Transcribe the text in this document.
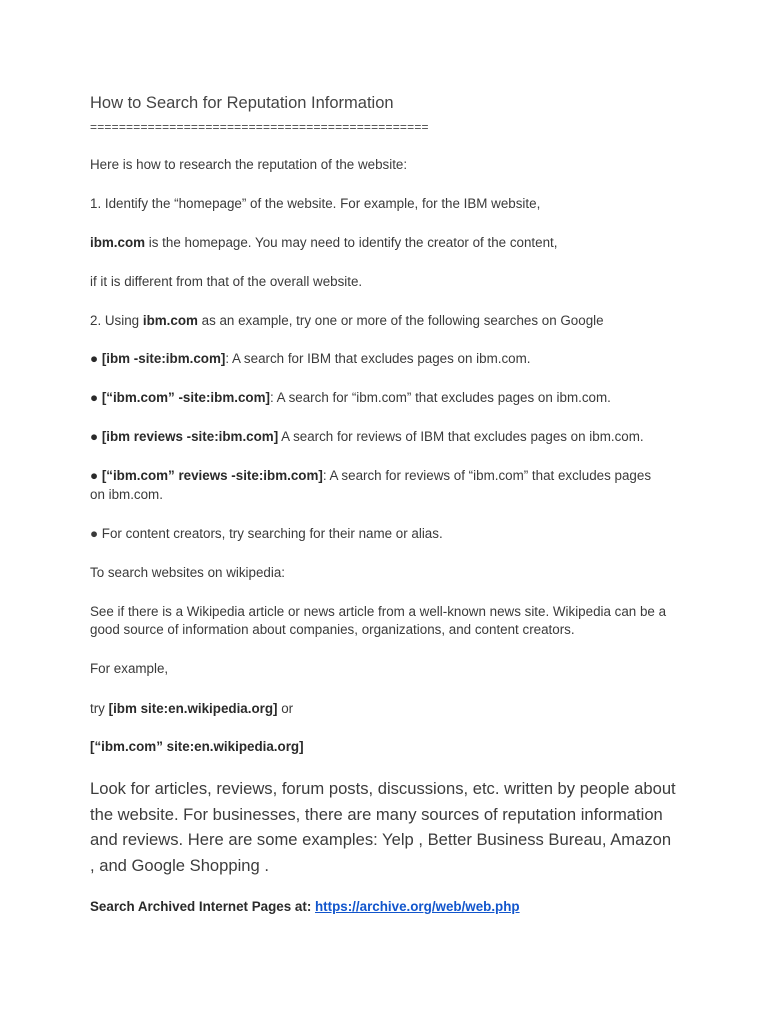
How to Search for Reputation Information
===============================================
Here is how to research the reputation of the website:
1. Identify the “homepage” of the website. For example, for the IBM website,
ibm.com is the homepage. You may need to identify the creator of the content,
if it is different from that of the overall website.
2. Using ibm.com as an example, try one or more of the following searches on Google
● [ibm -site:ibm.com]: A search for IBM that excludes pages on ibm.com.
● [“ibm.com” -site:ibm.com]: A search for “ibm.com” that excludes pages on ibm.com.
● [ibm reviews -site:ibm.com] A search for reviews of IBM that excludes pages on ibm.com.
● [“ibm.com” reviews -site:ibm.com]: A search for reviews of “ibm.com” that excludes pages
on ibm.com.
● For content creators, try searching for their name or alias.
To search websites on wikipedia:
See if there is a Wikipedia article or news article from a well-known news site. Wikipedia can be a good source of information about companies, organizations, and content creators.
For example,
try [ibm site:en.wikipedia.org] or
[“ibm.com” site:en.wikipedia.org]
Look for articles, reviews, forum posts, discussions, etc. written by people about the website. For businesses, there are many sources of reputation information and reviews. Here are some examples: Yelp , Better Business Bureau, Amazon , and Google Shopping .
Search Archived Internet Pages at: https://archive.org/web/web.php
